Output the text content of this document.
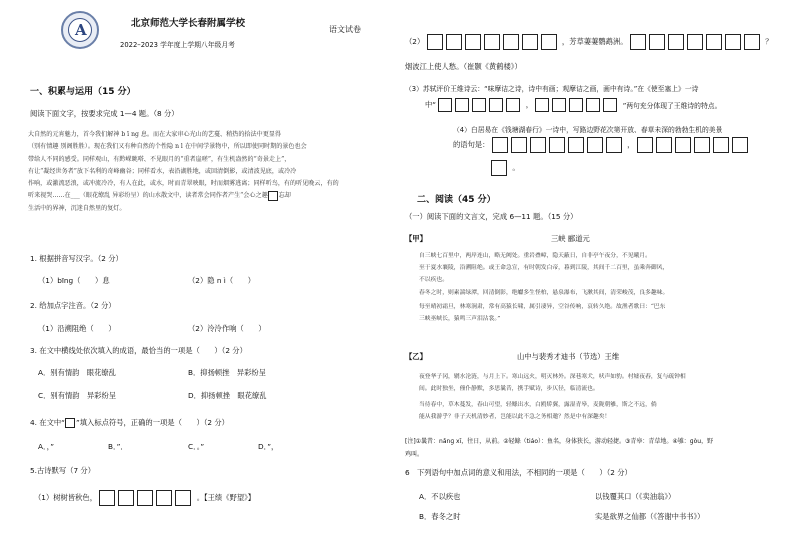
A
北京师范大学长春附属学校
2022–2023 学年度上学期八年级月考
一、积累与运用（15 分）
阅读下面文字，按要求完成 1—4 题。（8 分）
大自然的元宵魅力，首今我们解神 b ī ng 息。而在大家审心光山的艺蔓、稍热的拾法中更显得
（别有情趣 别阁胜胜）。现在我们又有种自然的个性隐 n l 在中间学景物中，所以即使同时期的景色也会
带给人不同的感受。同样观山，有黔嵘眺嗒、不见眼月的“重者崖嗟”，有生机盎然的“奇景走上”，
有让“凝经世务者”放下名利的奇峰幽谷；同样看水，表沿湖胜地，或回清倒影，或清波见底，或冷冷
作响，或激流恶浪，或冲流冷冷，有人在此，或水，时而青翠映眼，时而烟雾逃离；同样听鸟，有的听见晚云，有的
听来视哭……在___（眼花缭乱 异彩纷呈）的山水散文中，读者常会同作者产生“会心之趣 忘却
生活中的界神，沉迷自然里的复灯。
1. 根据拼音写汉字。（2 分）
（1）bīnɡ（　　）息	（2）隐 n ì（　　）
2. 给加点字注音。（2 分）
（1）沿溯阻绝（　　）	（2）泠泠作响（　　）
3. 在文中横线处依次填入的成语，最恰当的一项是（　　）（2 分）
A．别有情韵　眼花缭乱	B．抑扬顿挫　异彩纷呈
C．别有情韵　异彩纷呈	D．抑扬顿挫　眼花缭乱
4. 在文中“ ”填入标点符号，正确的一项是（　　）（2 分）
A．，”	B．”．	C．。”	D．”，
5.古诗默写（7 分）
（1）树树皆秋色，	。【王绩《野望》】
语文试卷
（2）	，芳草萋萋鹦鹉洲。	？
烟波江上使人愁。（崔颢《黄鹤楼》）
（3）苏轼评价王维诗云：“味摩诘之诗，诗中有画；观摩诘之画，画中有诗。”在《使至塞上》一诗
中“	，	”两句充分体现了王维诗的特点。
（4）白居易在《钱塘湖春行》一诗中，写路边野花次第开放、春草未深的勃勃生机的美景
的语句是：	，
。
二、阅读（45 分）
（一）阅读下面的文言文，完成 6—11 题。（15 分）
【甲】	三峡 郦道元
自三峡七百里中，两岸连山，略无阙处。重岩叠嶂，隐天蔽日，自非亭午夜分，不见曦月。
至于夏水襄陵，沿溯阻绝。或王命急宣，有时朝发白帝，暮到江陵，其间千二百里，虽乘奔御风，
不以疾也。
春冬之时，则素湍绿潭，回清倒影，绝巘多生怪柏，悬泉瀑布，飞漱其间，清荣峻茂，良多趣味。
每至晴初霜旦，林寒涧肃，常有高猿长啸，属引凄异，空谷传响，哀转久绝。故渔者歌曰：“巴东
三峡巫峡长，猿鸣三声泪沾裳。”
【乙】	山中与裴秀才迪书（节选）王维
夜登华子冈，辋水沦涟，与月上下。寒山远火，明灭林外。深巷寒犬，吠声如豹。村墟夜舂，复与疏钟相
间。此时独坐，僮仆静默，多思曩昔，携手赋诗，步仄径，临清流也。
当待春中，草木蔓发，春山可望，轻鲦出水，白鸥矫翼，露湿青皋，麦陇朝雊，斯之不远，倘
能从我游乎？非子天机清妙者，岂能以此不急之务相邀？然是中有深趣矣！
[注]①曩昔：nǎnɡ xī，往日，从前。②轻鲦（tiáo）：鱼名，身体狭长，游动轻捷。③青皋：青草地。④雊：ɡòu，野
鸡叫。
6　下列语句中加点词的意义和用法，不相同的一项是（　　）（2 分）
A．不以疾也	以钱覆其口（《卖油翁》）
B．春冬之时	实是欲界之仙都（《答谢中书书》）
